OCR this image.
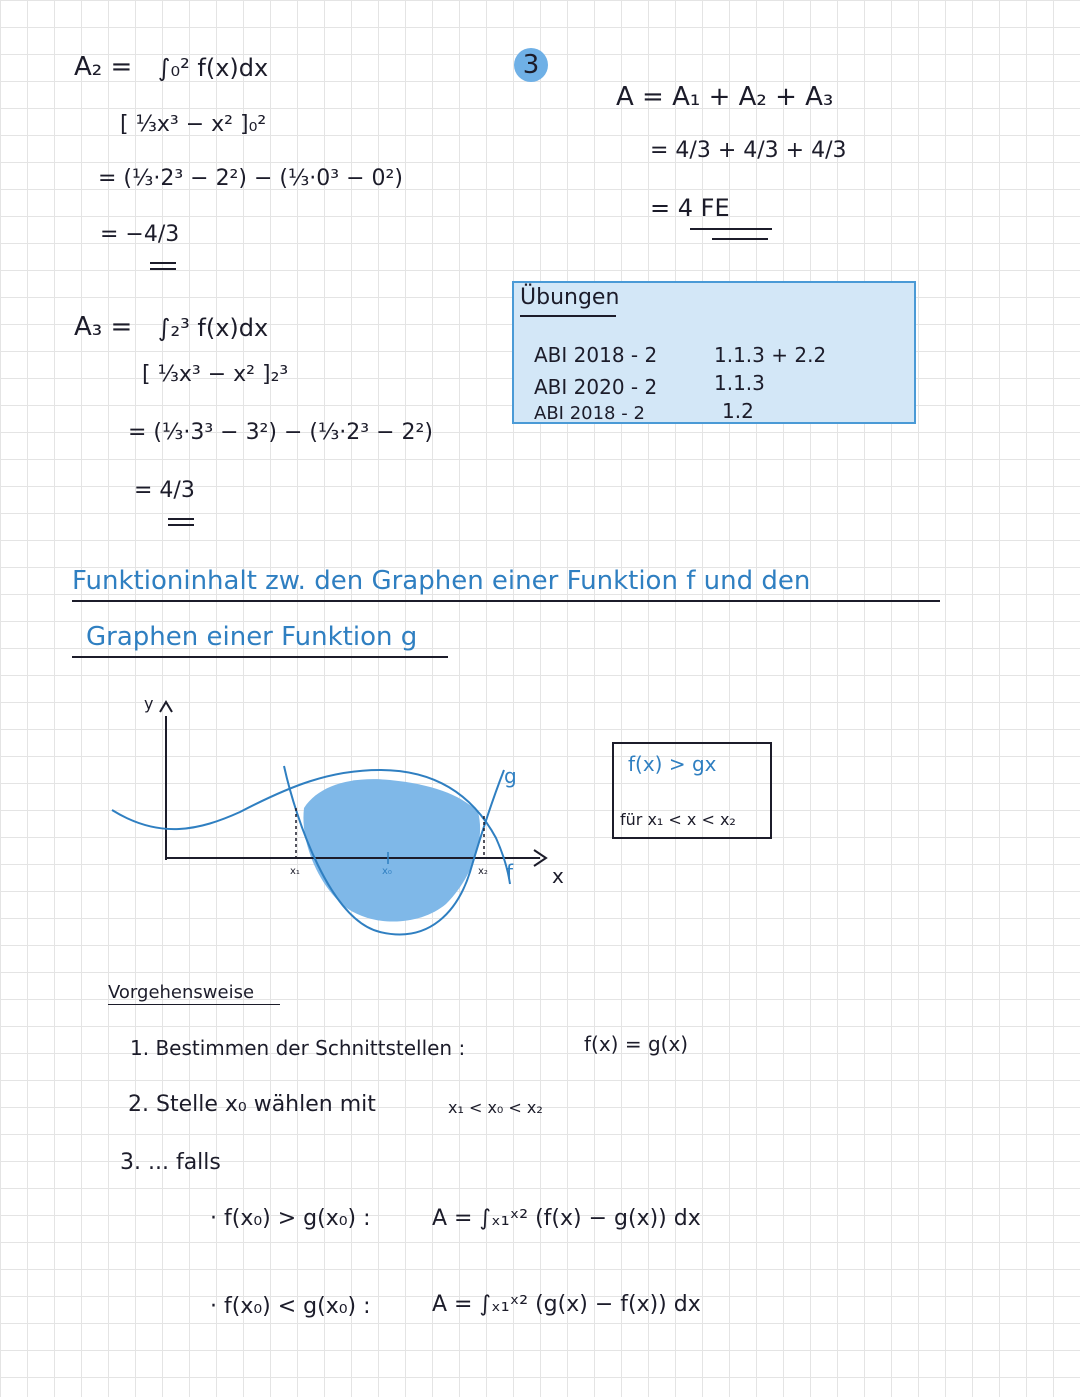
A₂ = ∫₀² f(x)dx
[ ⅓x³ − x² ]₀²
= (⅓·2³ − 2²) − (⅓·0³ − 0²)
= −4/3
A₃ = ∫₂³ f(x)dx
[ ⅓x³ − x² ]₂³
= (⅓·3³ − 3²) − (⅓·2³ − 2²)
= 4/3
3
A = A₁ + A₂ + A₃
= 4/3 + 4/3 + 4/3
= 4 FE
Übungen
ABI 2018 - 2	1.1.3 + 2.2
ABI 2020 - 2	1.1.3
ABI 2018 - 2	1.2
Funktioninhalt zw. den Graphen einer Funktion f und den
Graphen einer Funktion g
y
x
x₁	x₀	x₂ f
g	f(x) > gx
für x₁ < x < x₂
Vorgehensweise
1. Bestimmen der Schnittstellen :	f(x) = g(x)
2. Stelle x₀ wählen mit	x₁ < x₀ < x₂
3. ... falls
· f(x₀) > g(x₀) :	A = ∫ₓ₁ˣ² (f(x) − g(x)) dx
· f(x₀) < g(x₀) :	A = ∫ₓ₁ˣ² (g(x) − f(x)) dx
